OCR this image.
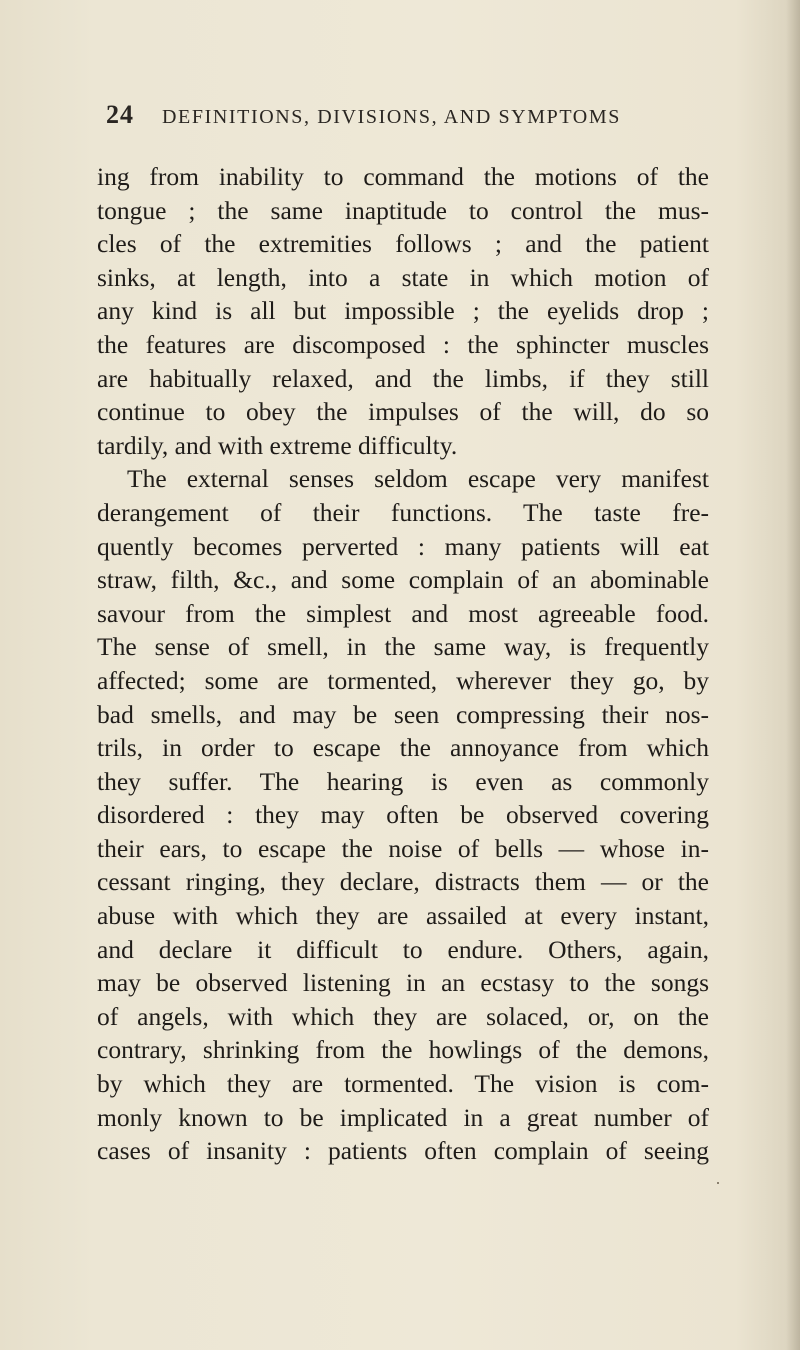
24 DEFINITIONS, DIVISIONS, AND SYMPTOMS
ing from inability to command the motions of the
tongue ; the same inaptitude to control the mus-
cles of the extremities follows ; and the patient
sinks, at length, into a state in which motion of
any kind is all but impossible ; the eyelids drop ;
the features are discomposed : the sphincter muscles
are habitually relaxed, and the limbs, if they still
continue to obey the impulses of the will, do so
tardily, and with extreme difficulty.
The external senses seldom escape very manifest
derangement of their functions. The taste fre-
quently becomes perverted : many patients will eat
straw, filth, &c., and some complain of an abominable
savour from the simplest and most agreeable food.
The sense of smell, in the same way, is frequently
affected; some are tormented, wherever they go, by
bad smells, and may be seen compressing their nos-
trils, in order to escape the annoyance from which
they suffer. The hearing is even as commonly
disordered : they may often be observed covering
their ears, to escape the noise of bells — whose in-
cessant ringing, they declare, distracts them — or the
abuse with which they are assailed at every instant,
and declare it difficult to endure. Others, again,
may be observed listening in an ecstasy to the songs
of angels, with which they are solaced, or, on the
contrary, shrinking from the howlings of the demons,
by which they are tormented. The vision is com-
monly known to be implicated in a great number of
cases of insanity : patients often complain of seeing
